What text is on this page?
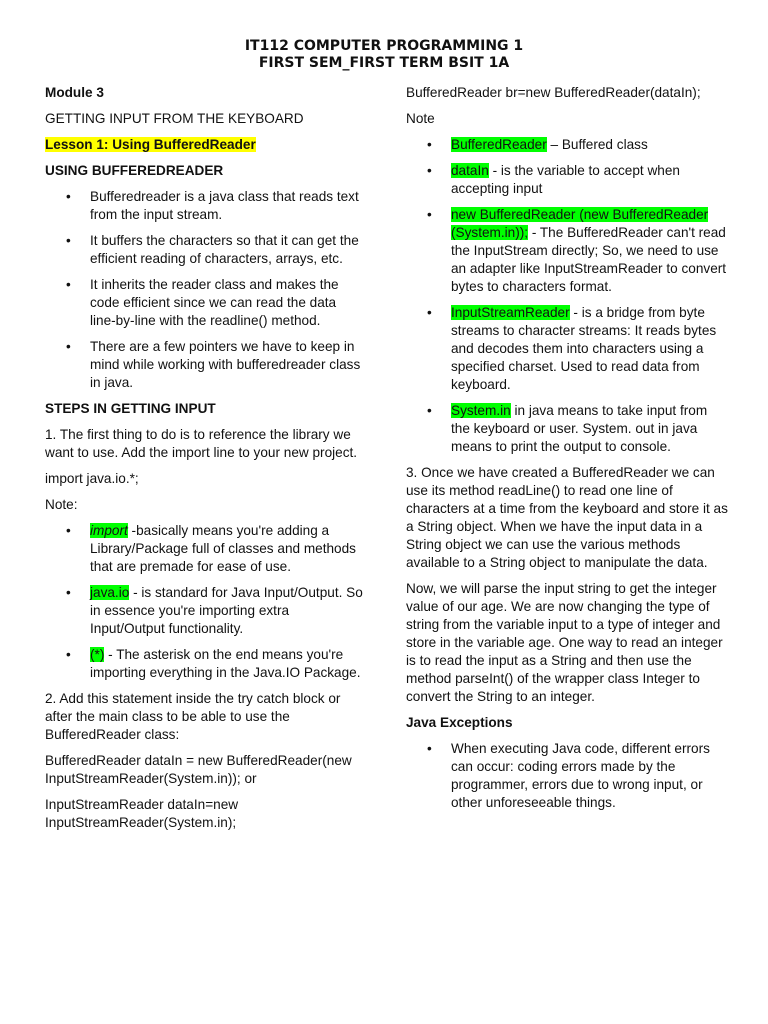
IT112 COMPUTER PROGRAMMING 1
FIRST SEM_FIRST TERM BSIT 1A

Module 3

GETTING INPUT FROM THE KEYBOARD

Lesson 1: Using BufferedReader

USING BUFFEREDREADER

• Bufferedreader is a java class that reads text from the input stream.
• It buffers the characters so that it can get the efficient reading of characters, arrays, etc.
• It inherits the reader class and makes the code efficient since we can read the data line-by-line with the readline() method.
• There are a few pointers we have to keep in mind while working with bufferedreader class in java.

STEPS IN GETTING INPUT

1. The first thing to do is to reference the library we want to use. Add the import line to your new project.

import java.io.*;

Note:

• import -basically means you're adding a Library/Package full of classes and methods that are premade for ease of use.
• java.io - is standard for Java Input/Output. So in essence you're importing extra Input/Output functionality.
• (*) - The asterisk on the end means you're importing everything in the Java.IO Package.

2. Add this statement inside the try catch block or after the main class to be able to use the BufferedReader class:

BufferedReader dataIn = new BufferedReader(new InputStreamReader(System.in)); or

InputStreamReader dataIn=new InputStreamReader(System.in);

BufferedReader br=new BufferedReader(dataIn);

Note

• BufferedReader – Buffered class
• dataIn - is the variable to accept when accepting input
• new BufferedReader (new BufferedReader (System.in)); - The BufferedReader can't read the InputStream directly; So, we need to use an adapter like InputStreamReader to convert bytes to characters format.
• InputStreamReader - is a bridge from byte streams to character streams: It reads bytes and decodes them into characters using a specified charset. Used to read data from keyboard.
• System.in in java means to take input from the keyboard or user. System. out in java means to print the output to console.

3. Once we have created a BufferedReader we can use its method readLine() to read one line of characters at a time from the keyboard and store it as a String object. When we have the input data in a String object we can use the various methods available to a String object to manipulate the data.

Now, we will parse the input string to get the integer value of our age. We are now changing the type of string from the variable input to a type of integer and store in the variable age. One way to read an integer is to read the input as a String and then use the method parseInt() of the wrapper class Integer to convert the String to an integer.

Java Exceptions

• When executing Java code, different errors can occur: coding errors made by the programmer, errors due to wrong input, or other unforeseeable things.
